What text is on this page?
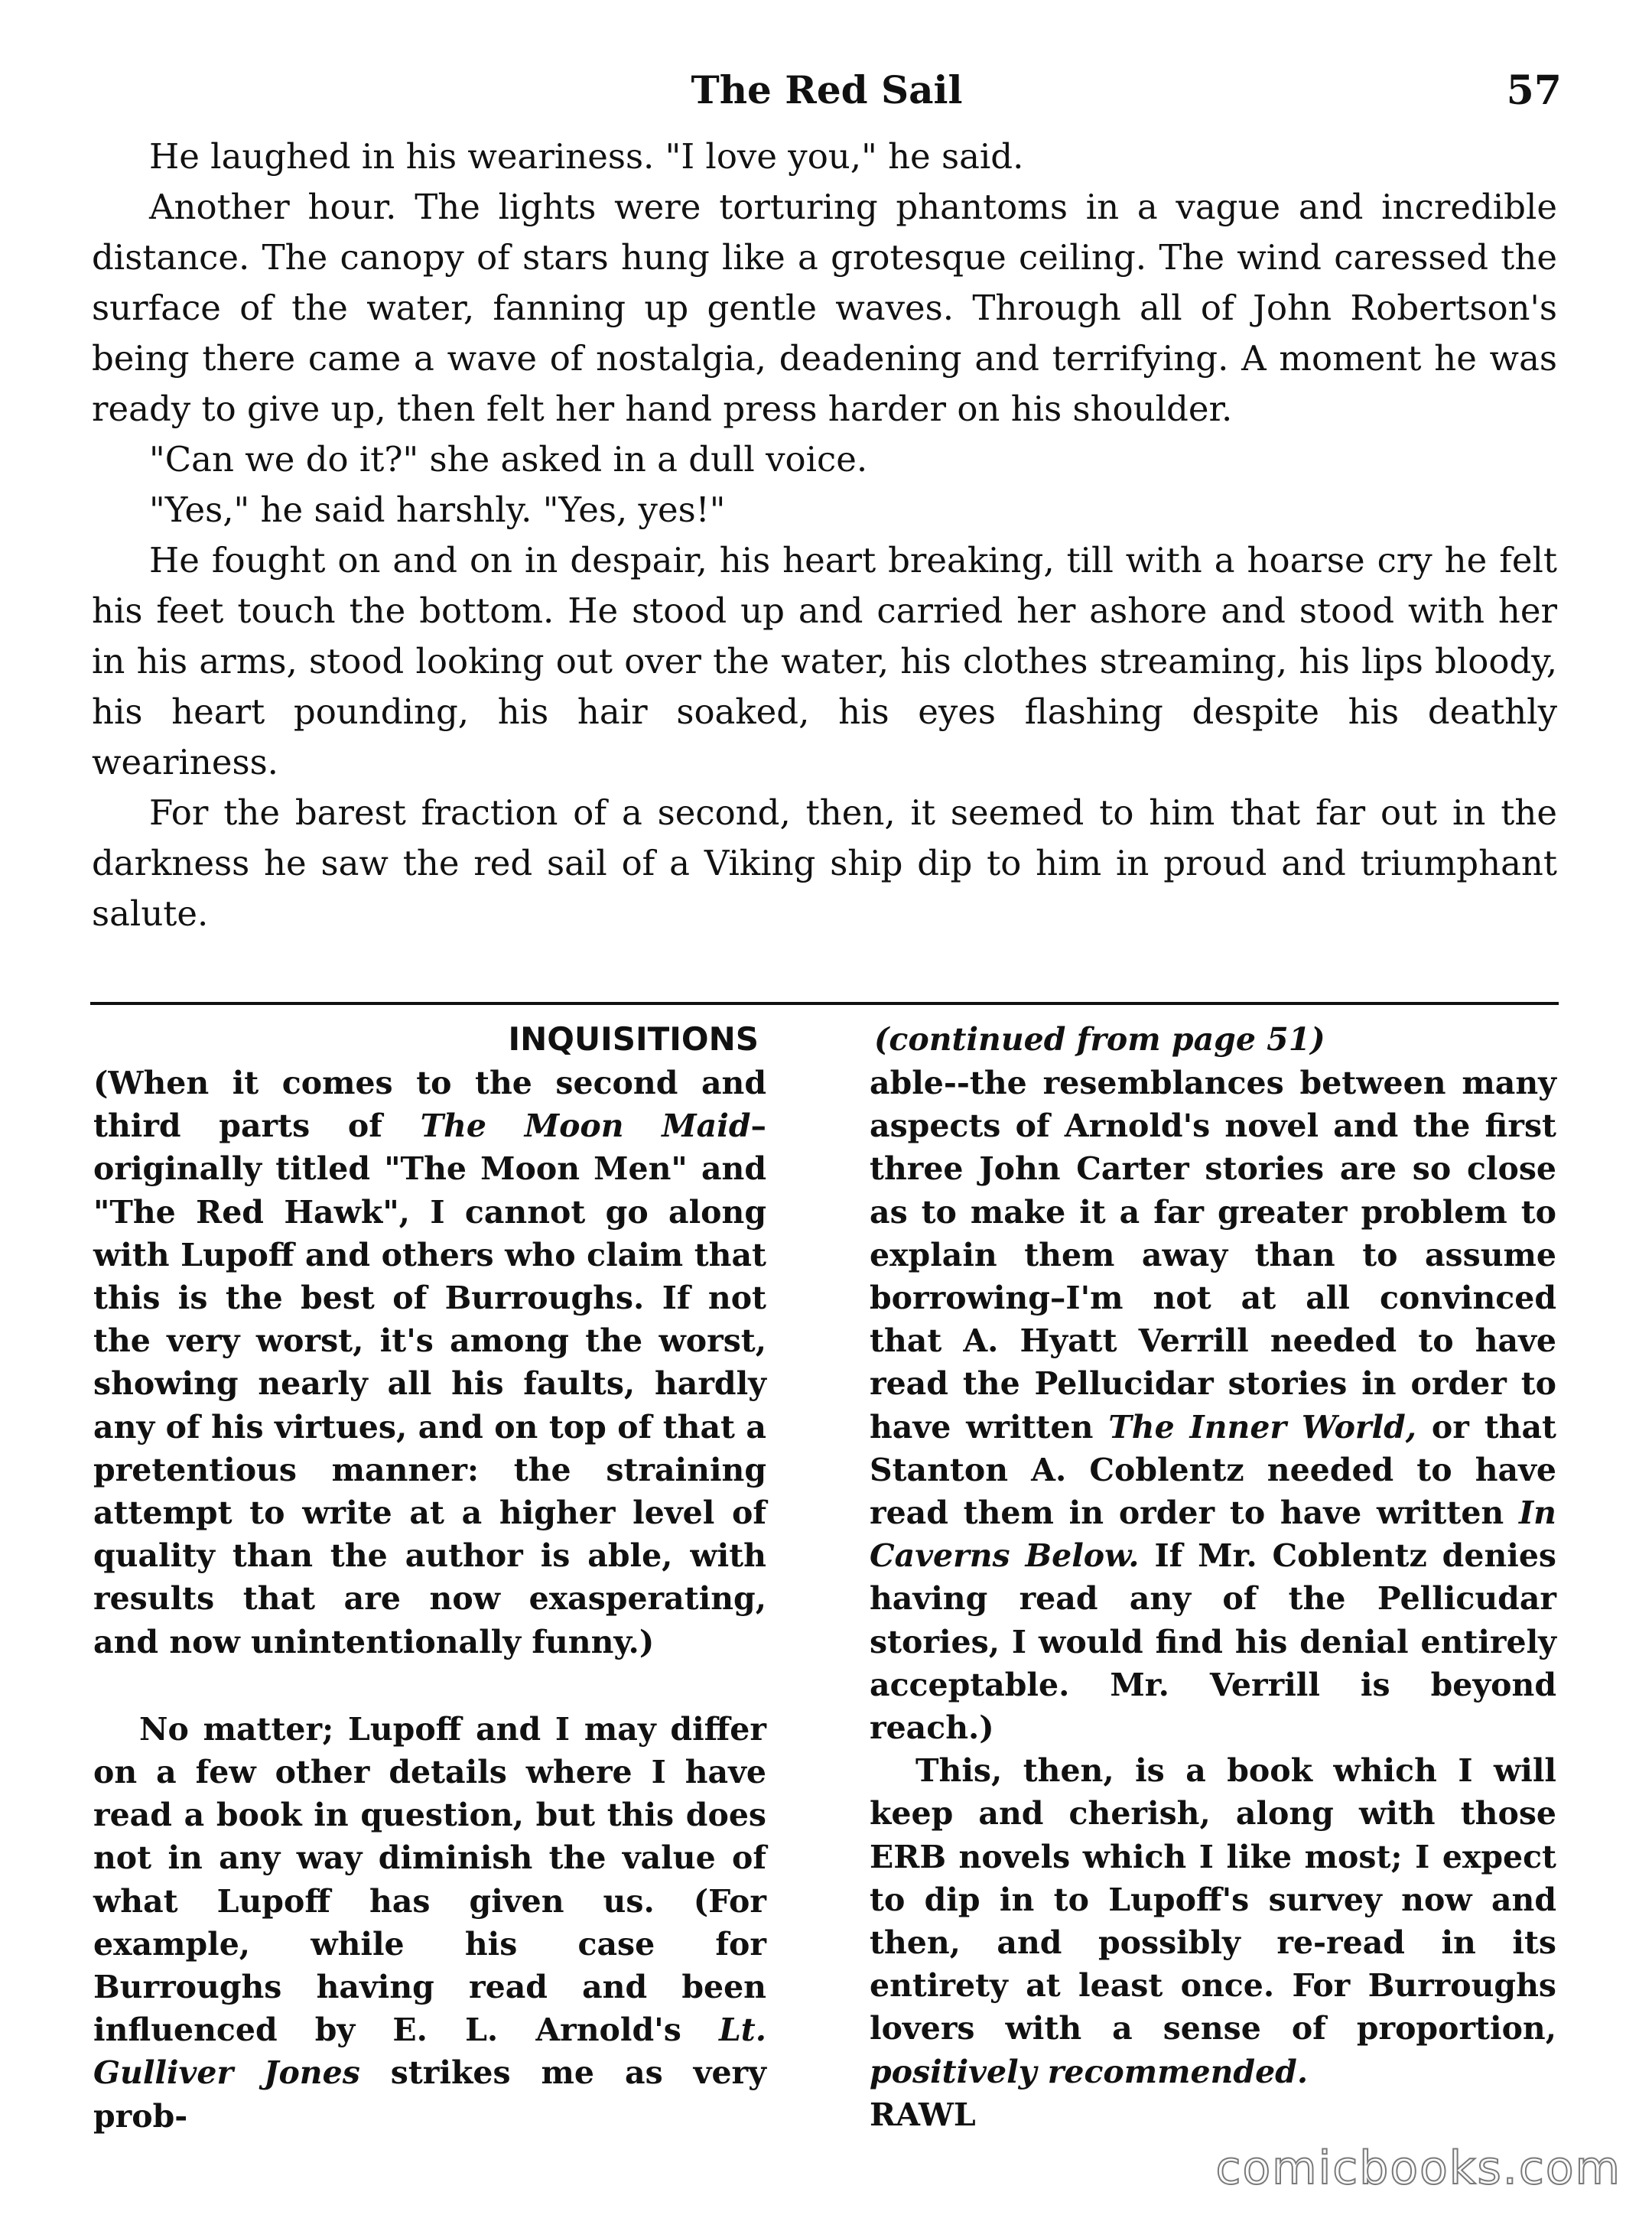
The Red Sail	57

He laughed in his weariness. "I love you," he said.

Another hour. The lights were torturing phantoms in a vague and incredible distance. The canopy of stars hung like a grotesque ceiling. The wind caressed the surface of the water, fanning up gentle waves. Through all of John Robertson's being there came a wave of nostalgia, deadening and terrifying. A moment he was ready to give up, then felt her hand press harder on his shoulder.

"Can we do it?" she asked in a dull voice.

"Yes," he said harshly. "Yes, yes!"

He fought on and on in despair, his heart breaking, till with a hoarse cry he felt his feet touch the bottom. He stood up and carried her ashore and stood with her in his arms, stood looking out over the water, his clothes streaming, his lips bloody, his heart pounding, his hair soaked, his eyes flashing despite his deathly weariness.

For the barest fraction of a second, then, it seemed to him that far out in the darkness he saw the red sail of a Viking ship dip to him in proud and triumphant salute.

INQUISITIONS

(When it comes to the second and third parts of The Moon Maid–originally titled "The Moon Men" and "The Red Hawk", I cannot go along with Lupoff and others who claim that this is the best of Burroughs. If not the very worst, it's among the worst, showing nearly all his faults, hardly any of his virtues, and on top of that a pretentious manner: the straining attempt to write at a higher level of quality than the author is able, with results that are now exasperating, and now unintentionally funny.)

No matter; Lupoff and I may differ on a few other details where I have read a book in question, but this does not in any way diminish the value of what Lupoff has given us. (For example, while his case for Burroughs having read and been influenced by E. L. Arnold's Lt. Gulliver Jones strikes me as very prob-

(continued from page 51)

able--the resemblances between many aspects of Arnold's novel and the first three John Carter stories are so close as to make it a far greater problem to explain them away than to assume borrowing–I'm not at all convinced that A. Hyatt Verrill needed to have read the Pellucidar stories in order to have written The Inner World, or that Stanton A. Coblentz needed to have read them in order to have written In Caverns Below. If Mr. Coblentz denies having read any of the Pellicudar stories, I would find his denial entirely acceptable. Mr. Verrill is beyond reach.)

This, then, is a book which I will keep and cherish, along with those ERB novels which I like most; I expect to dip in to Lupoff's survey now and then, and possibly re-read in its entirety at least once. For Burroughs lovers with a sense of proportion, positively recommended.

RAWL

comicbooks.com
